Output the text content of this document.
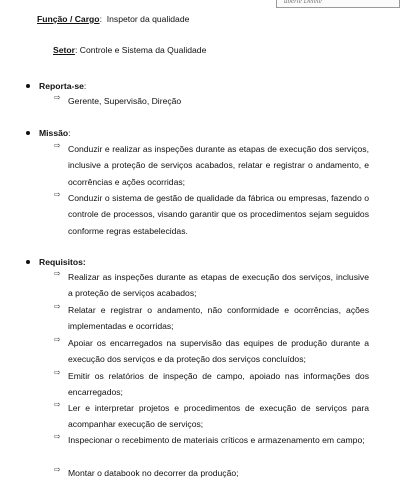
aberte Delete
Função / Cargo:  Inspetor da qualidade
Setor: Controle e Sistema da Qualidade
Reporta-se:
⇨ Gerente, Supervisão, Direção
Missão:
⇨ Conduzir e realizar as inspeções durante as etapas de execução dos serviços, inclusive a proteção de serviços acabados, relatar e registrar o andamento, e ocorrências e ações ocorridas;
⇨ Conduzir o sistema de gestão de qualidade da fábrica ou empresas, fazendo o controle de processos, visando garantir que os procedimentos sejam seguidos conforme regras estabelecidas.
Requisitos:
⇨ Realizar as inspeções durante as etapas de execução dos serviços, inclusive a proteção de serviços acabados;
⇨ Relatar e registrar o andamento, não conformidade e ocorrências, ações implementadas e ocorridas;
⇨ Apoiar os encarregados na supervisão das equipes de produção durante a execução dos serviços e da proteção dos serviços concluídos;
⇨ Emitir os relatórios de inspeção de campo, apoiado nas informações dos encarregados;
⇨ Ler e interpretar projetos e procedimentos de execução de serviços para acompanhar execução de serviços;
⇨ Inspecionar o recebimento de materiais críticos e armazenamento em campo;
⇨ Montar o databook no decorrer da produção;
